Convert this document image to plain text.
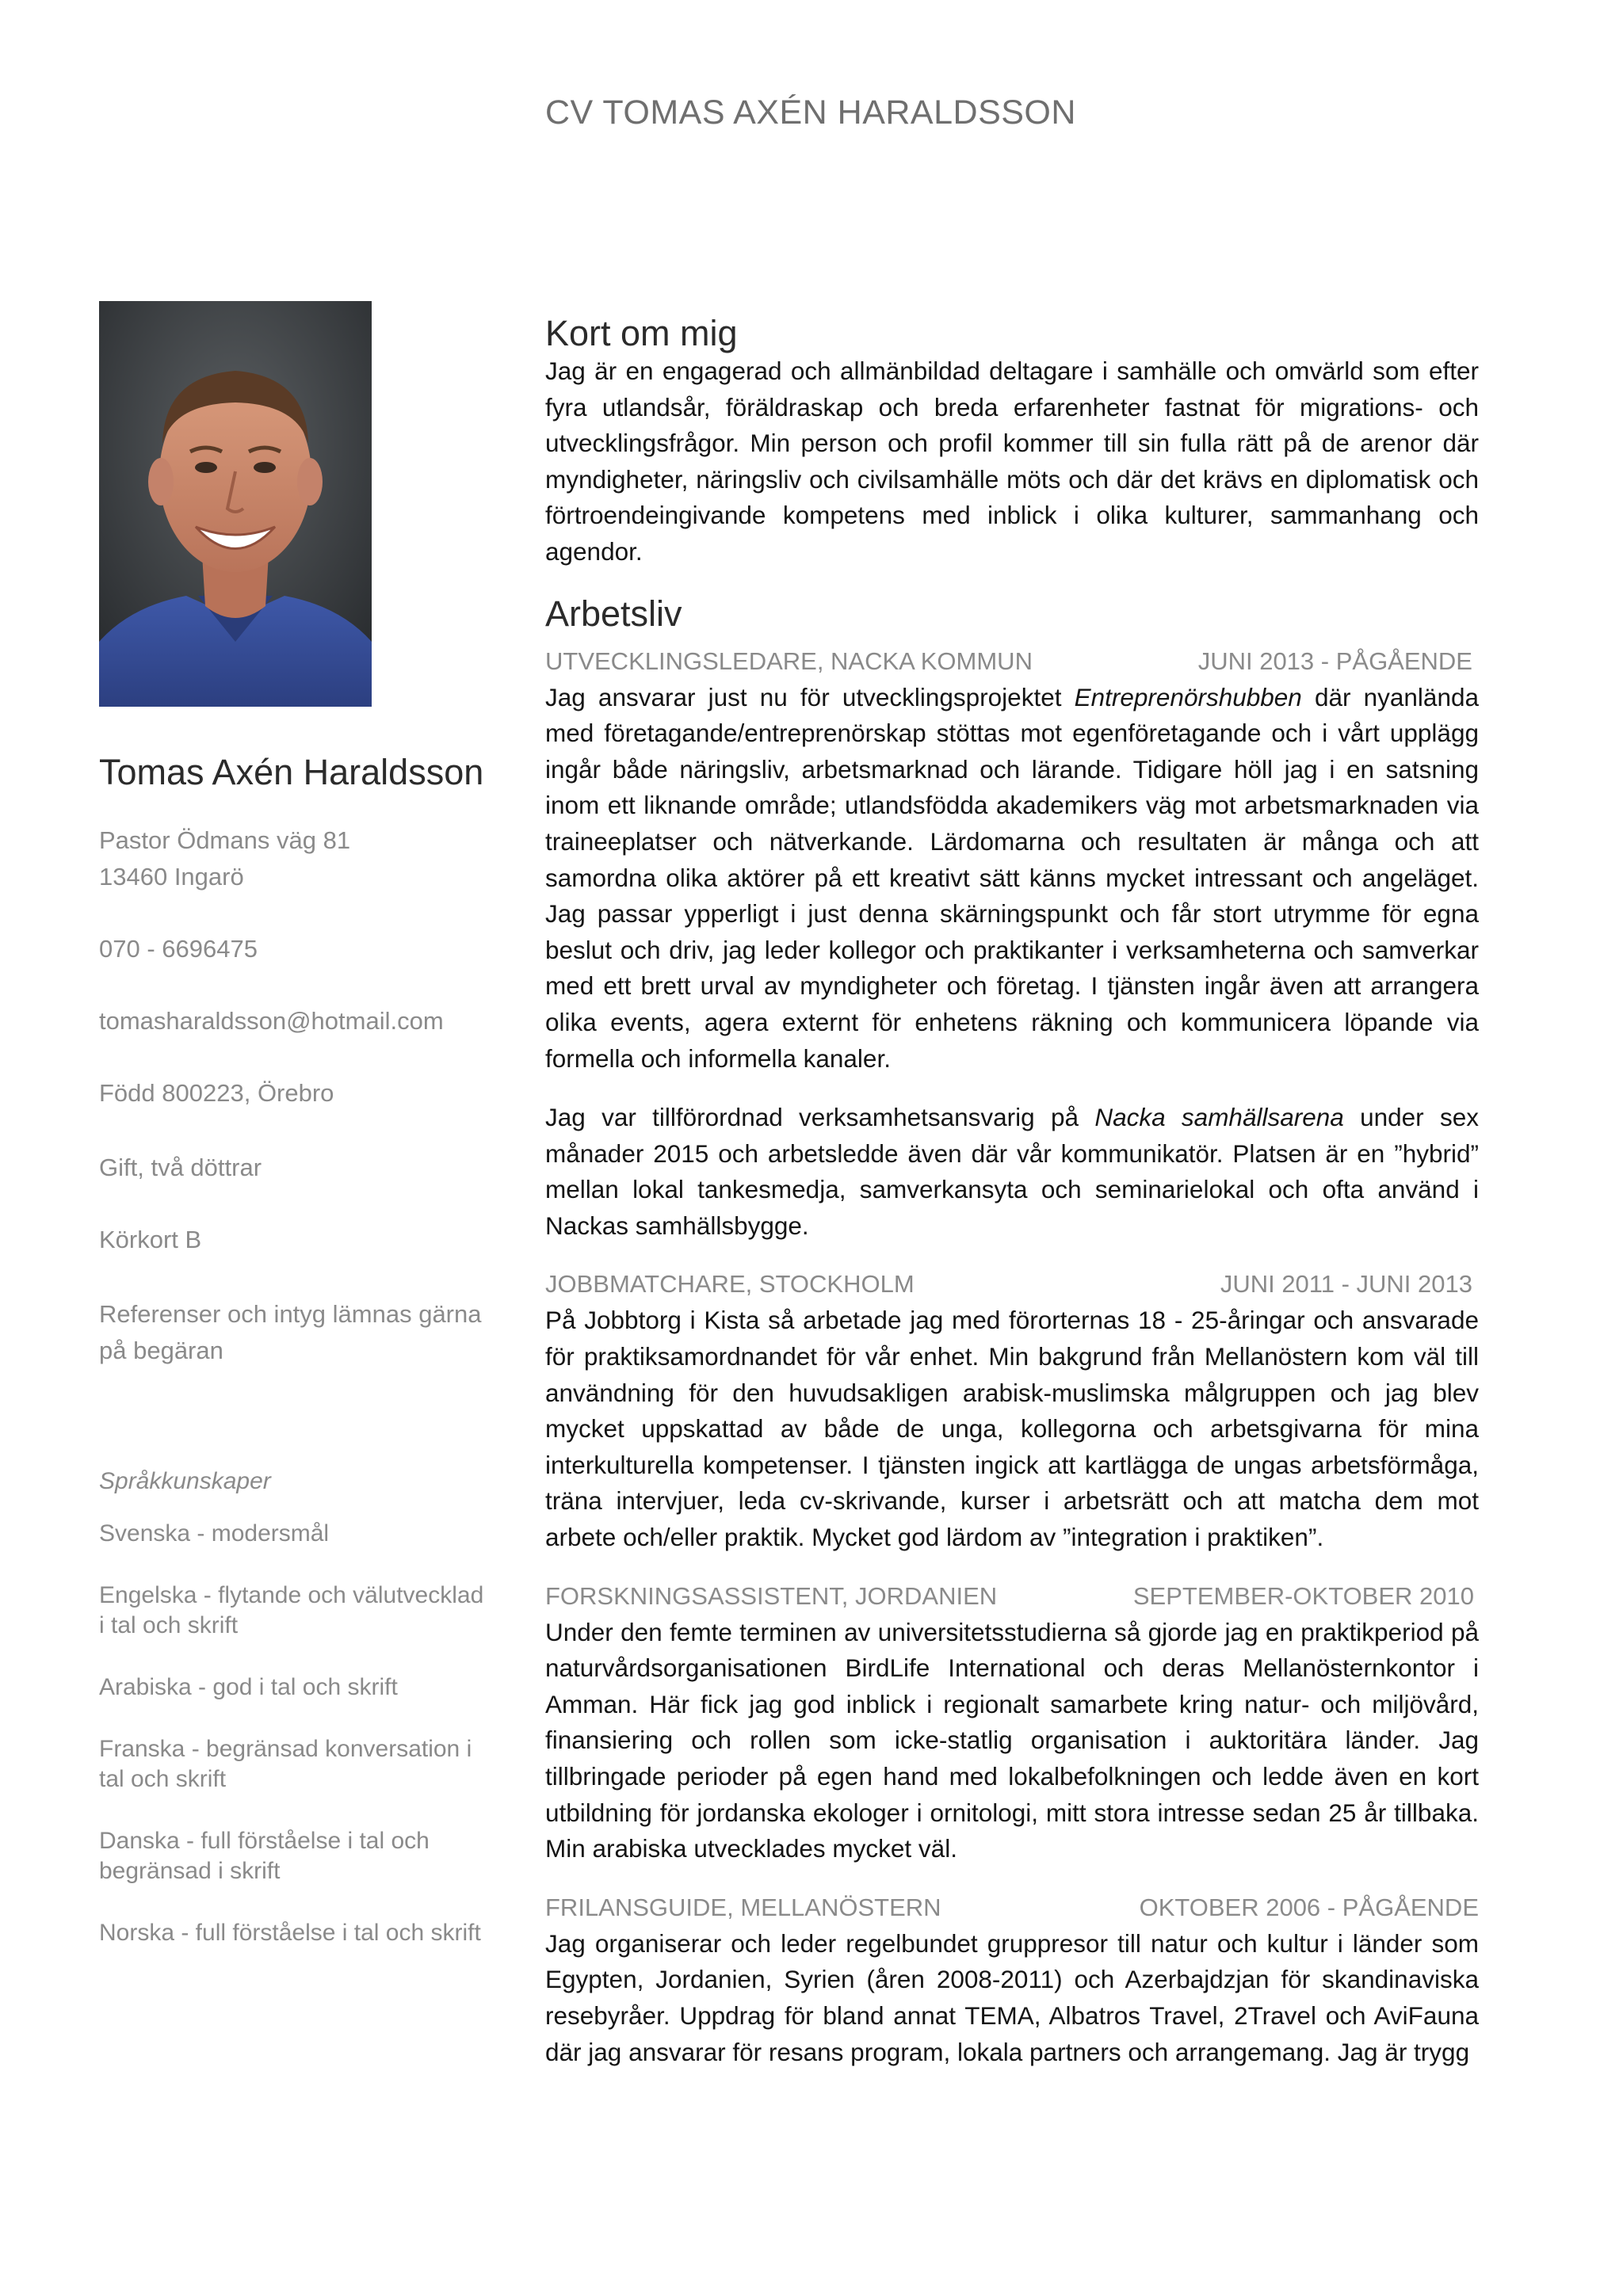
CV TOMAS AXÉN HARALDSSON
Tomas Axén Haraldsson
Pastor Ödmans väg 81
13460 Ingarö
070 - 6696475
tomasharaldsson@hotmail.com
Född 800223, Örebro
Gift, två döttrar
Körkort B
Referenser och intyg lämnas gärna på begäran
Språkkunskaper
Svenska - modersmål
Engelska - flytande och välutvecklad i tal och skrift
Arabiska - god i tal och skrift
Franska - begränsad konversation i tal och skrift
Danska - full förståelse i tal och begränsad i skrift
Norska - full förståelse i tal och skrift
Kort om mig

Jag är en engagerad och allmänbildad deltagare i samhälle och omvärld som efter fyra utlandsår, föräldraskap och breda erfarenheter fastnat för migrations- och utvecklingsfrågor. Min person och profil kommer till sin fulla rätt på de arenor där myndigheter, näringsliv och civilsamhälle möts och där det krävs en diplomatisk och förtroendeingivande kompetens med inblick i olika kulturer, sammanhang och agendor.

Arbetsliv
UTVECKLINGSLEDARE, NACKA KOMMUN	JUNI 2013 - PÅGÅENDE

Jag ansvarar just nu för utvecklingsprojektet Entreprenörshubben där nyanlända med företagande/entreprenörskap stöttas mot egenföretagande och i vårt upplägg ingår både näringsliv, arbetsmarknad och lärande. Tidigare höll jag i en satsning inom ett liknande område; utlandsfödda akademikers väg mot arbetsmarknaden via traineeplatser och nätverkande. Lärdomarna och resultaten är många och att samordna olika aktörer på ett kreativt sätt känns mycket intressant och angeläget. Jag passar ypperligt i just denna skärningspunkt och får stort utrymme för egna beslut och driv, jag leder kollegor och praktikanter i verksamheterna och samverkar med ett brett urval av myndigheter och företag. I tjänsten ingår även att arrangera olika events, agera externt för enhetens räkning och kommunicera löpande via formella och informella kanaler.

Jag var tillförordnad verksamhetsansvarig på Nacka samhällsarena under sex månader 2015 och arbetsledde även där vår kommunikatör. Platsen är en ”hybrid” mellan lokal tankesmedja, samverkansyta och seminarielokal och ofta använd i Nackas samhällsbygge.

JOBBMATCHARE, STOCKHOLM	JUNI 2011 - JUNI 2013

På Jobbtorg i Kista så arbetade jag med förorternas 18 - 25-åringar och ansvarade för praktiksamordnandet för vår enhet. Min bakgrund från Mellanöstern kom väl till användning för den huvudsakligen arabisk-muslimska målgruppen och jag blev mycket uppskattad av både de unga, kollegorna och arbetsgivarna för mina interkulturella kompetenser. I tjänsten ingick att kartlägga de ungas arbetsförmåga, träna intervjuer, leda cv-skrivande, kurser i arbetsrätt och att matcha dem mot arbete och/eller praktik. Mycket god lärdom av ”integration i praktiken”.

FORSKNINGSASSISTENT, JORDANIEN	SEPTEMBER-OKTOBER 2010

Under den femte terminen av universitetsstudierna så gjorde jag en praktikperiod på naturvårdsorganisationen BirdLife International och deras Mellanösternkontor i Amman. Här fick jag god inblick i regionalt samarbete kring natur- och miljövård, finansiering och rollen som icke-statlig organisation i auktoritära länder. Jag tillbringade perioder på egen hand med lokalbefolkningen och ledde även en kort utbildning för jordanska ekologer i ornitologi, mitt stora intresse sedan 25 år tillbaka. Min arabiska utvecklades mycket väl.

FRILANSGUIDE, MELLANÖSTERN	OKTOBER 2006 - PÅGÅENDE

Jag organiserar och leder regelbundet gruppresor till natur och kultur i länder som Egypten, Jordanien, Syrien (åren 2008-2011) och Azerbajdzjan för skandinaviska resebyråer. Uppdrag för bland annat TEMA, Albatros Travel, 2Travel och AviFauna där jag ansvarar för resans program, lokala partners och arrangemang. Jag är trygg
